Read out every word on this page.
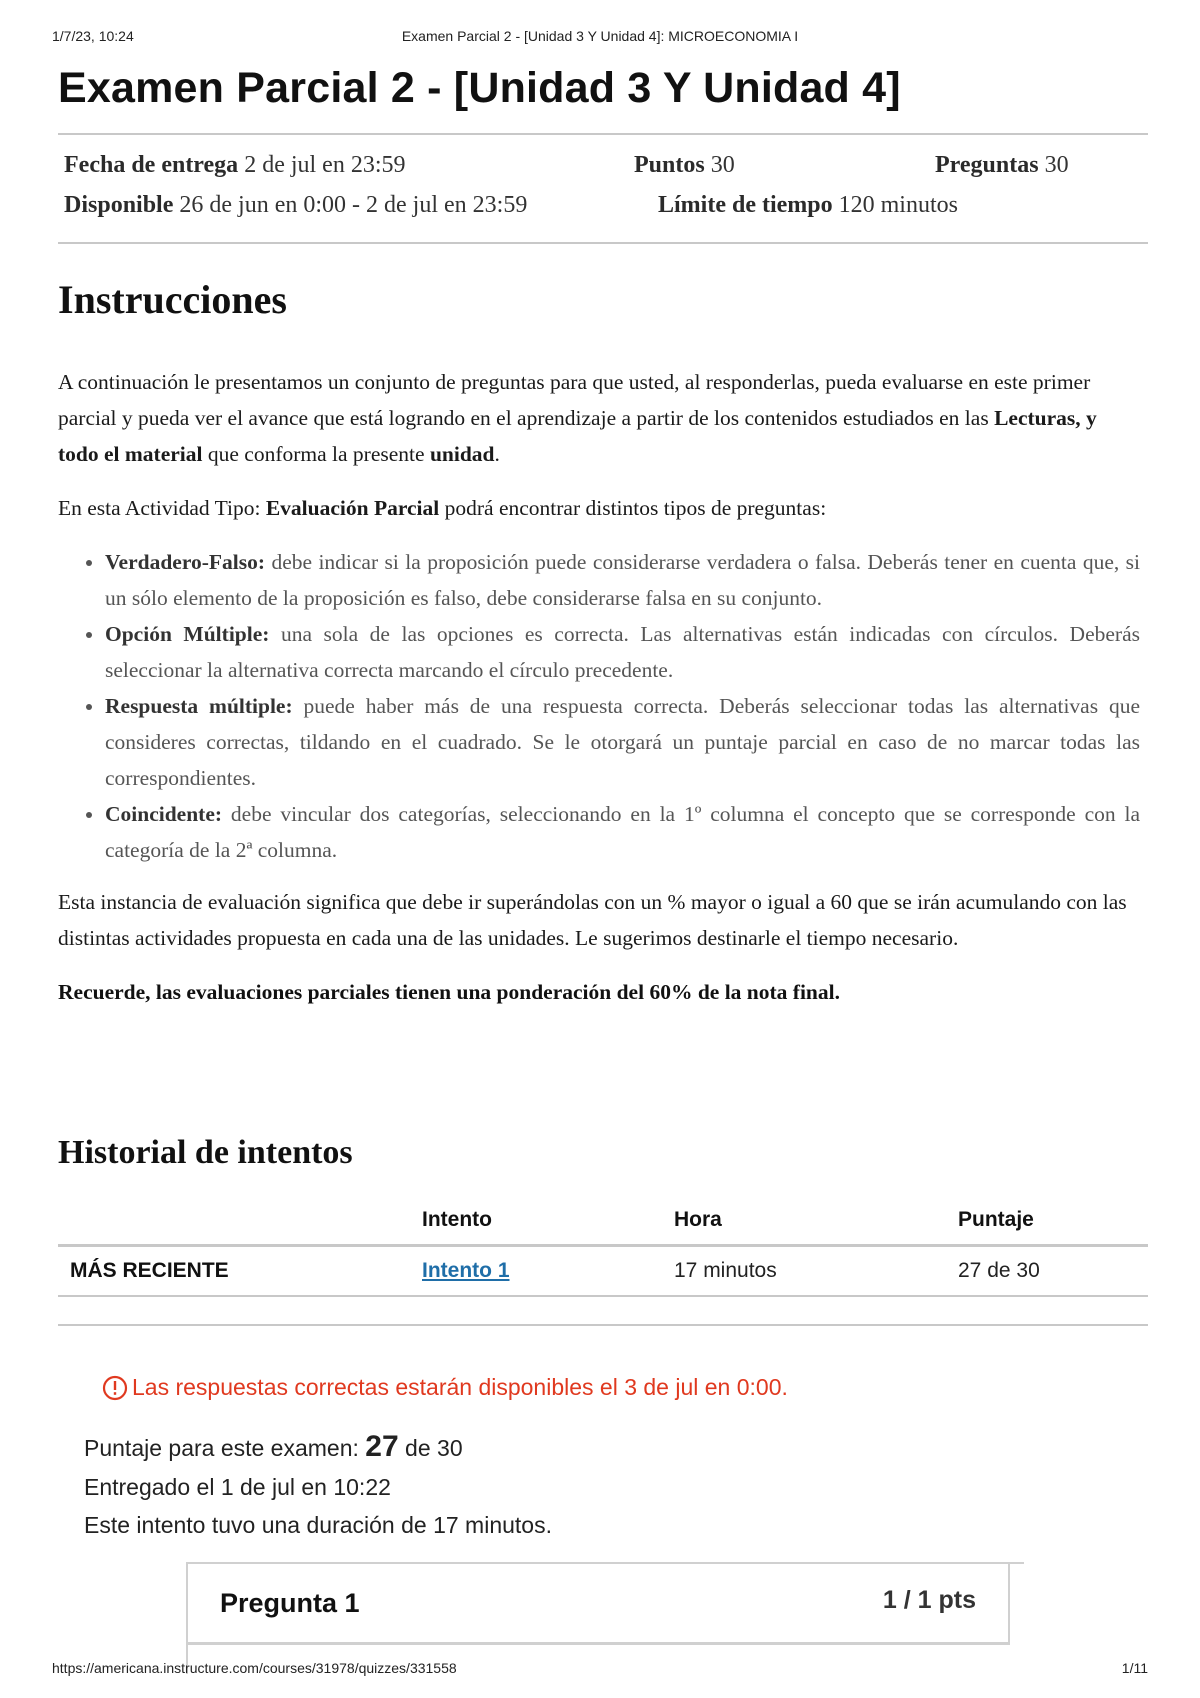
1/7/23, 10:24	Examen Parcial 2 - [Unidad 3 Y Unidad 4]: MICROECONOMIA I
Examen Parcial 2 - [Unidad 3 Y Unidad 4]
Fecha de entrega 2 de jul en 23:59	Puntos 30	Preguntas 30
Disponible 26 de jun en 0:00 - 2 de jul en 23:59	Límite de tiempo 120 minutos
Instrucciones

A continuación le presentamos un conjunto de preguntas para que usted, al responderlas, pueda evaluarse en este primer parcial y pueda ver el avance que está logrando en el aprendizaje a partir de los contenidos estudiados en las Lecturas, y todo el material que conforma la presente unidad.

En esta Actividad Tipo: Evaluación Parcial podrá encontrar distintos tipos de preguntas:

• Verdadero-Falso: debe indicar si la proposición puede considerarse verdadera o falsa. Deberás tener en cuenta que, si un sólo elemento de la proposición es falso, debe considerarse falsa en su conjunto.
• Opción Múltiple: una sola de las opciones es correcta. Las alternativas están indicadas con círculos. Deberás seleccionar la alternativa correcta marcando el círculo precedente.
• Respuesta múltiple: puede haber más de una respuesta correcta. Deberás seleccionar todas las alternativas que consideres correctas, tildando en el cuadrado. Se le otorgará un puntaje parcial en caso de no marcar todas las correspondientes.
• Coincidente: debe vincular dos categorías, seleccionando en la 1º columna el concepto que se corresponde con la categoría de la 2ª columna.

Esta instancia de evaluación significa que debe ir superándolas con un % mayor o igual a 60 que se irán acumulando con las distintas actividades propuesta en cada una de las unidades. Le sugerimos destinarle el tiempo necesario.

Recuerde, las evaluaciones parciales tienen una ponderación del 60% de la nota final.

Historial de intentos
	Intento	Hora	Puntaje
MÁS RECIENTE	Intento 1	17 minutos	27 de 30
Las respuestas correctas estarán disponibles el 3 de jul en 0:00.
Puntaje para este examen: 27 de 30
Entregado el 1 de jul en 10:22
Este intento tuvo una duración de 17 minutos.
Pregunta 1	1 / 1 pts
https://americana.instructure.com/courses/31978/quizzes/331558	1/11
